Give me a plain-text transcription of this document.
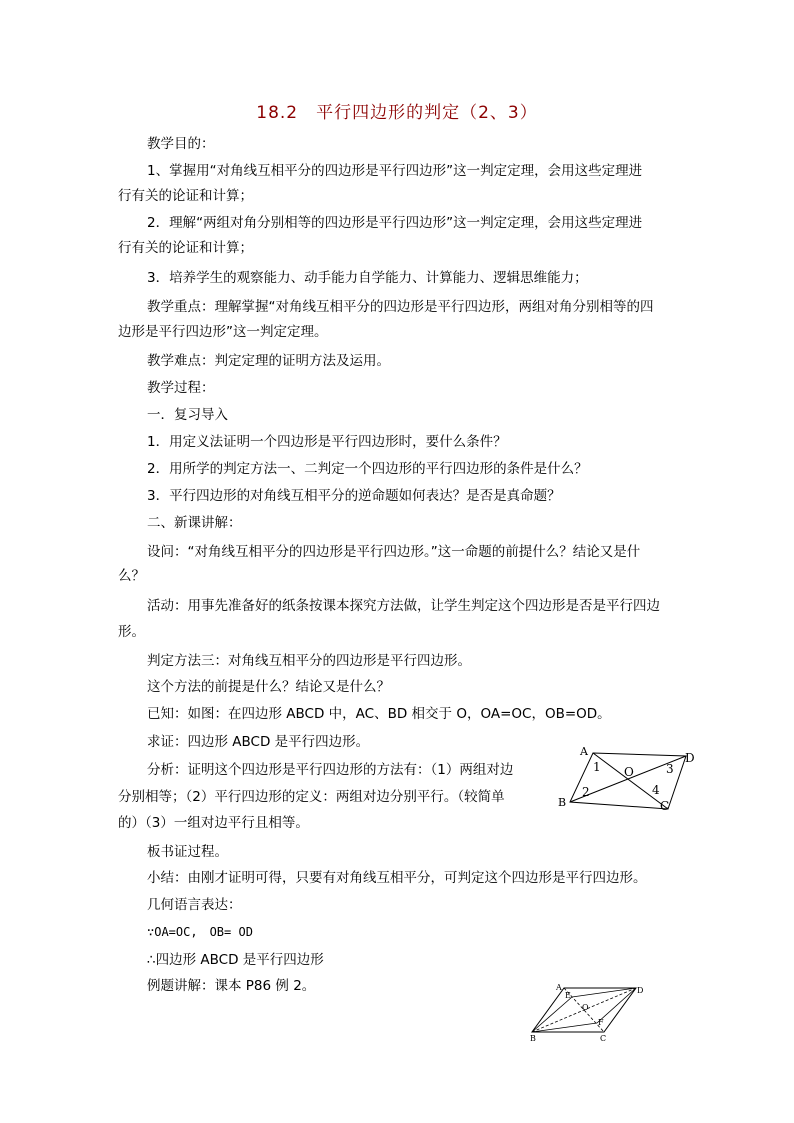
18.2　平行四边形的判定（2、3）
教学目的：
1、掌握用“对角线互相平分的四边形是平行四边形”这一判定定理，会用这些定理进
行有关的论证和计算；
2．理解“两组对角分别相等的四边形是平行四边形”这一判定定理，会用这些定理进
行有关的论证和计算；
3．培养学生的观察能力、动手能力自学能力、计算能力、逻辑思维能力；
教学重点：理解掌握“对角线互相平分的四边形是平行四边形，两组对角分别相等的四
边形是平行四边形”这一判定定理。
教学难点：判定定理的证明方法及运用。
教学过程：
一．复习导入
1．用定义法证明一个四边形是平行四边形时，要什么条件？
2．用所学的判定方法一、二判定一个四边形的平行四边形的条件是什么？
3．平行四边形的对角线互相平分的逆命题如何表达？是否是真命题？
二、新课讲解：
设问：“对角线互相平分的四边形是平行四边形。”这一命题的前提什么？结论又是什
么？
活动：用事先准备好的纸条按课本探究方法做，让学生判定这个四边形是否是平行四边
形。
判定方法三：对角线互相平分的四边形是平行四边形。
这个方法的前提是什么？结论又是什么？
已知：如图：在四边形 ABCD 中，AC、BD 相交于 O，OA=OC，OB=OD。
求证：四边形 ABCD 是平行四边形。
分析：证明这个四边形是平行四边形的方法有：（1）两组对边
分别相等；（2）平行四边形的定义：两组对边分别平行。（较简单
的）（3）一组对边平行且相等。
板书证过程。
小结：由刚才证明可得，只要有对角线互相平分，可判定这个四边形是平行四边形。
几何语言表达：
∵OA=OC,　OB= OD
∴四边形 ABCD 是平行四边形
例题讲解：课本 P86 例 2。
A	D
B	C
O
1
2
3
4
A
E
D
O
F
B	C
